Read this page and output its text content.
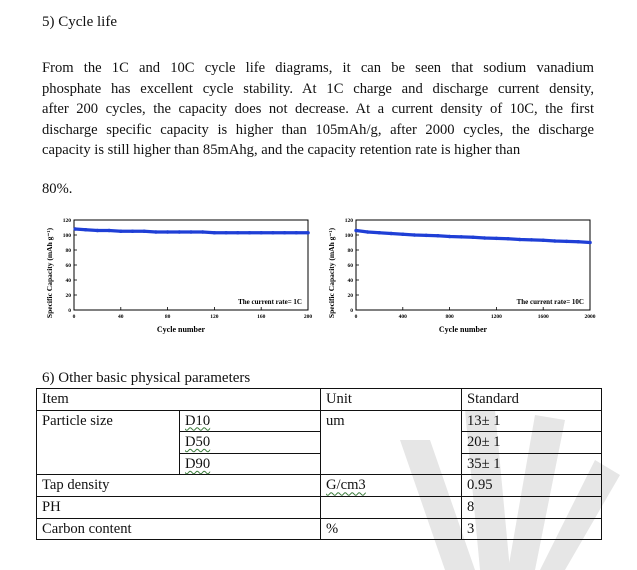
5) Cycle life
From the 1C and 10C cycle life diagrams, it can be seen that sodium vanadium
phosphate has excellent cycle stability. At 1C charge and discharge current density,
after 200 cycles, the capacity does not decrease. At a current density of 10C, the first
discharge specific capacity is higher than 105mAh/g, after 2000 cycles, the discharge
capacity is still higher than 85mAhg, and the capacity retention rate is higher than
80%.
Specific Capacity (mAh g⁻¹)	0
20
40
60
80
100
120
0	40	80	120	160	200
Cycle number
The current rate= 1C	Specific Capacity (mAh g⁻¹)	0
20
40
60
80
100
120
0	400	800	1200	1600	2000
Cycle number
The current rate= 10C
6) Other basic physical parameters
Item		Unit	Standard
Particle size	D10	um	13± 1
	D50		20± 1
	D90		35± 1
Tap density		G/cm3	0.95
PH			8
Carbon content		%	3
